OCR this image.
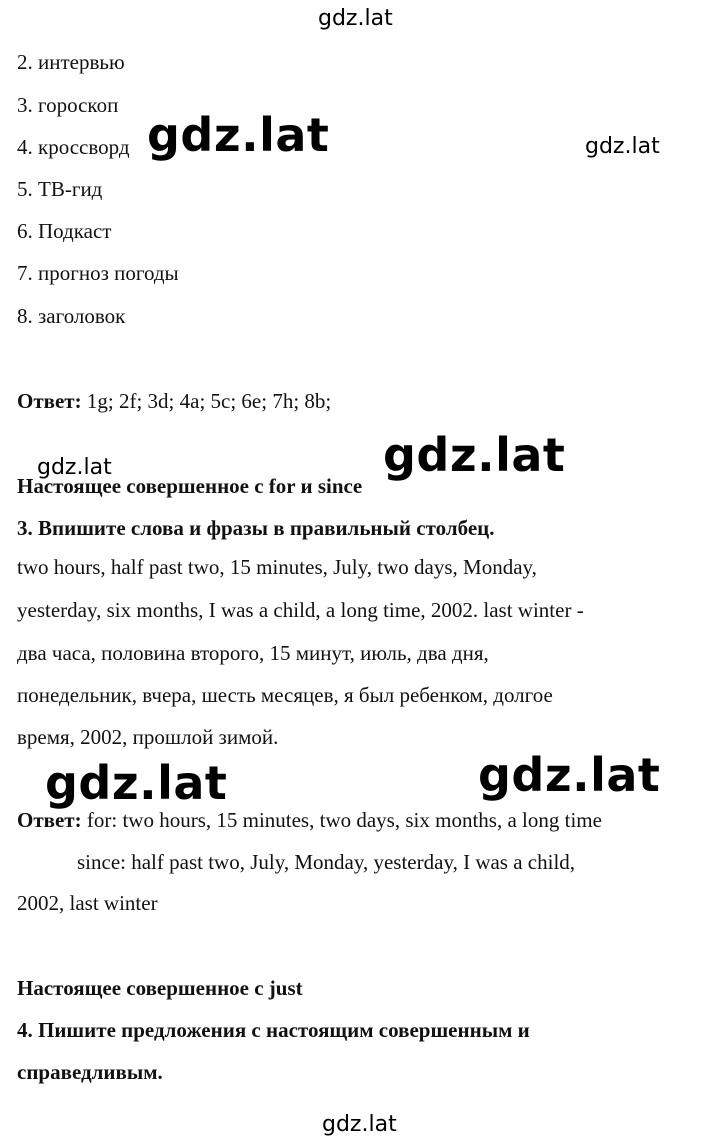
gdz.lat
gdz.lat	gdz.lat
gdz.lat
gdz.lat
gdz.lat	gdz.lat
gdz.lat
2. интервью
3. гороскоп
4. кроссворд
5. ТВ-гид
6. Подкаст
7. прогноз погоды
8. заголовок
Ответ: 1g; 2f; 3d; 4a; 5c; 6e; 7h; 8b;
Настоящее совершенное с for и since
3. Впишите слова и фразы в правильный столбец.
two hours, half past two, 15 minutes, July, two days, Monday,
yesterday, six months, I was a child, a long time, 2002. last winter -
два часа, половина второго, 15 минут, июль, два дня,
понедельник, вчера, шесть месяцев, я был ребенком, долгое
время, 2002, прошлой зимой.
Ответ: for: two hours, 15 minutes, two days, six months, a long time
since: half past two, July, Monday, yesterday, I was a child,
2002, last winter
Настоящее совершенное с just
4. Пишите предложения с настоящим совершенным и
справедливым.
